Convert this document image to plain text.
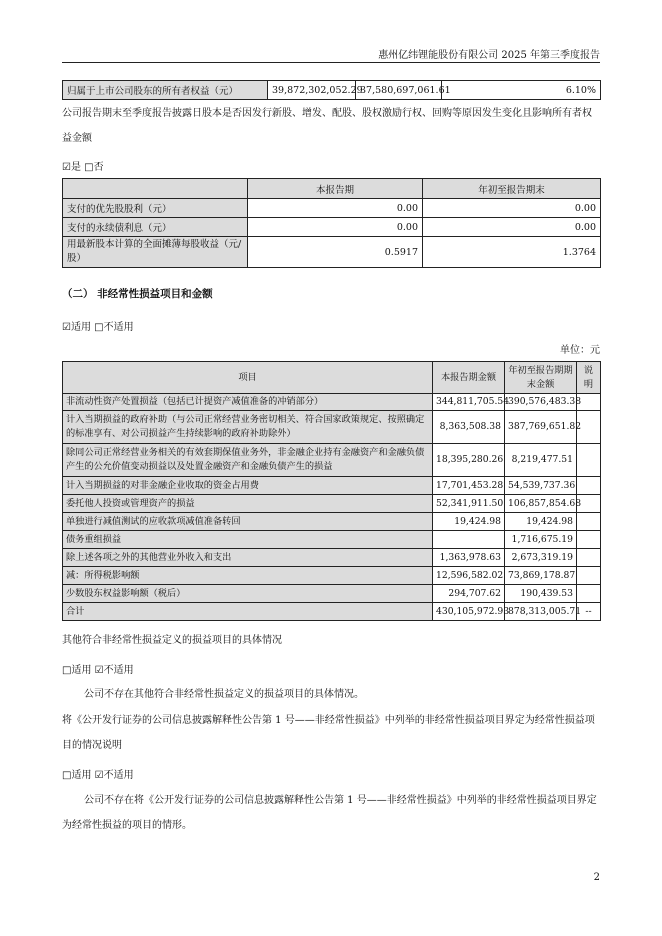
惠州亿纬锂能股份有限公司 2025 年第三季度报告
归属于上市公司股东的所有者权益（元）	39,872,302,052.29	37,580,697,061.61	6.10%
公司报告期末至季度报告披露日股本是否因发行新股、增发、配股、股权激励行权、回购等原因发生变化且影响所有者权
益金额
☑是 □否
	本报告期	年初至报告期末
支付的优先股股利（元）	0.00	0.00
支付的永续债利息（元）	0.00	0.00
用最新股本计算的全面摊薄每股收益（元/股）	0.5917	1.3764
（二） 非经常性损益项目和金额
☑适用 □不适用
单位：元
项目	本报告期金额	年初至报告期期末金额	说明
非流动性资产处置损益（包括已计提资产减值准备的冲销部分）	344,811,705.54	390,576,483.38	
计入当期损益的政府补助（与公司正常经营业务密切相关、符合国家政策规定、按照确定的标准享有、对公司损益产生持续影响的政府补助除外）	8,363,508.38	387,769,651.82	
除同公司正常经营业务相关的有效套期保值业务外，非金融企业持有金融资产和金融负债产生的公允价值变动损益以及处置金融资产和金融负债产生的损益	18,395,280.26	8,219,477.51	
计入当期损益的对非金融企业收取的资金占用费	17,701,453.28	54,539,737.36	
委托他人投资或管理资产的损益	52,341,911.50	106,857,854.68	
单独进行减值测试的应收款项减值准备转回	19,424.98	19,424.98	
债务重组损益		1,716,675.19	
除上述各项之外的其他营业外收入和支出	1,363,978.63	2,673,319.19	
减：所得税影响额	12,596,582.02	73,869,178.87	
少数股东权益影响额（税后）	294,707.62	190,439.53	
合计	430,105,972.93	878,313,005.71	--
其他符合非经常性损益定义的损益项目的具体情况
□适用 ☑不适用
公司不存在其他符合非经常性损益定义的损益项目的具体情况。
将《公开发行证券的公司信息披露解释性公告第 1 号——非经常性损益》中列举的非经常性损益项目界定为经常性损益项
目的情况说明
□适用 ☑不适用
公司不存在将《公开发行证券的公司信息披露解释性公告第 1 号——非经常性损益》中列举的非经常性损益项目界定
为经常性损益的项目的情形。
2
